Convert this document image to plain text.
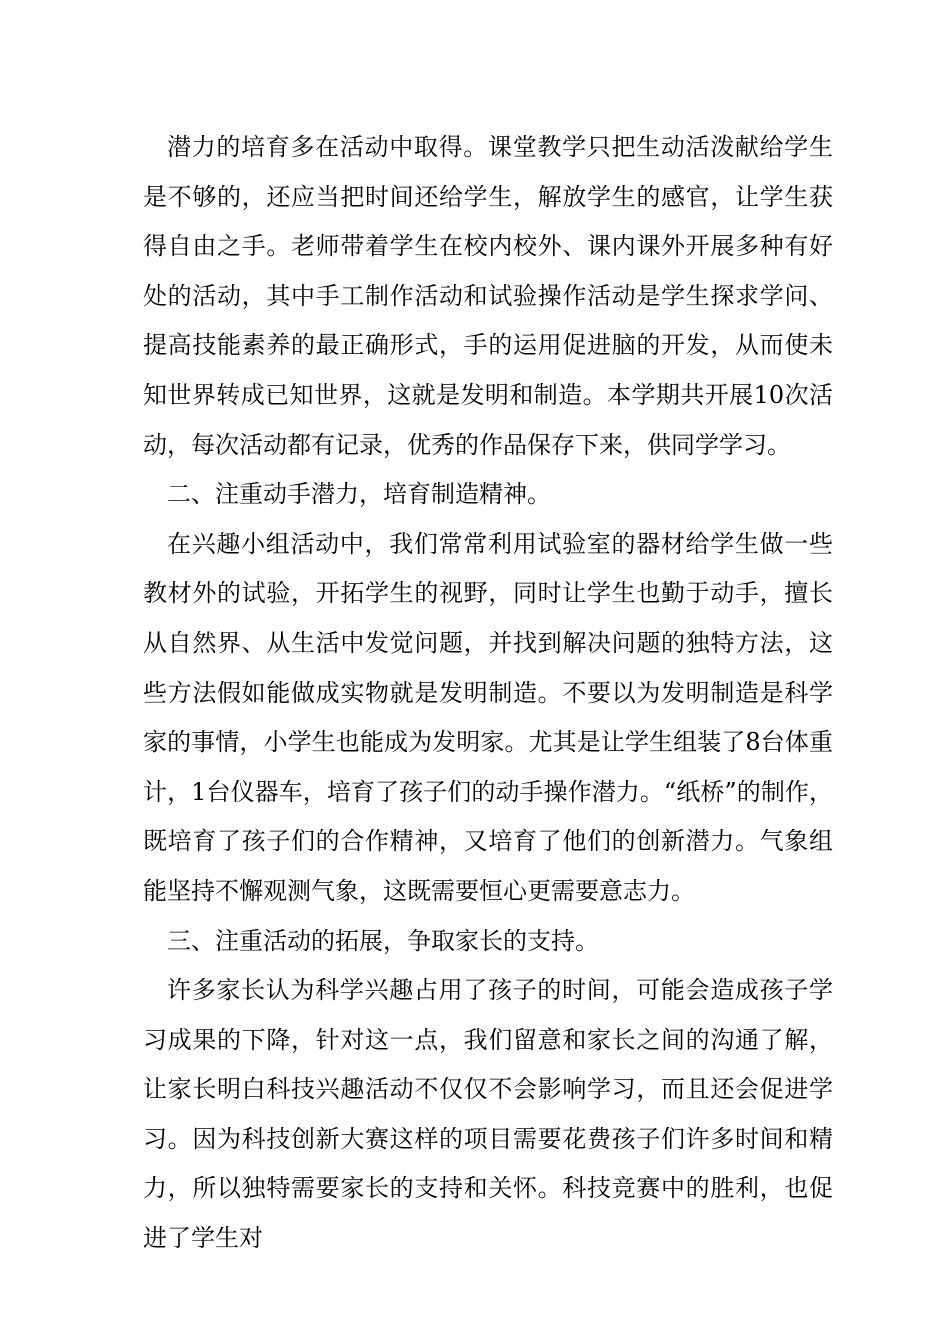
潜力的培育多在活动中取得。课堂教学只把生动活泼献给学生是不够的，还应当把时间还给学生，解放学生的感官，让学生获得自由之手。老师带着学生在校内校外、课内课外开展多种有好处的活动，其中手工制作活动和试验操作活动是学生探求学问、提高技能素养的最正确形式，手的运用促进脑的开发，从而使未知世界转成已知世界，这就是发明和制造。本学期共开展10次活动，每次活动都有记录，优秀的作品保存下来，供同学学习。

二、注重动手潜力，培育制造精神。

在兴趣小组活动中，我们常常利用试验室的器材给学生做一些教材外的试验，开拓学生的视野，同时让学生也勤于动手，擅长从自然界、从生活中发觉问题，并找到解决问题的独特方法，这些方法假如能做成实物就是发明制造。不要以为发明制造是科学家的事情，小学生也能成为发明家。尤其是让学生组装了8台体重计，1台仪器车，培育了孩子们的动手操作潜力。“纸桥”的制作，既培育了孩子们的合作精神，又培育了他们的创新潜力。气象组能坚持不懈观测气象，这既需要恒心更需要意志力。

三、注重活动的拓展，争取家长的支持。

许多家长认为科学兴趣占用了孩子的时间，可能会造成孩子学习成果的下降，针对这一点，我们留意和家长之间的沟通了解，让家长明白科技兴趣活动不仅仅不会影响学习，而且还会促进学习。因为科技创新大赛这样的项目需要花费孩子们许多时间和精力，所以独特需要家长的支持和关怀。科技竞赛中的胜利，也促进了学生对
